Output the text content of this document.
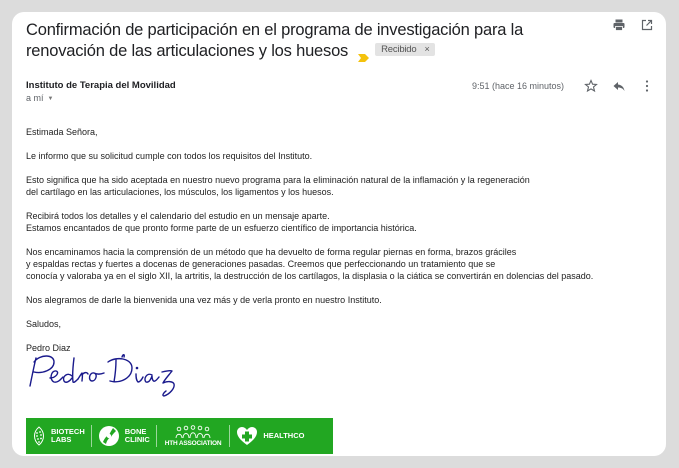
Confirmación de participación en el programa de investigación para la renovación de las articulaciones y los huesos	Recibido ×
Instituto de Terapia del Movilidad
a mí ▼
9:51 (hace 16 minutos)

Estimada Señora,

Le informo que su solicitud cumple con todos los requisitos del Instituto.

Esto significa que ha sido aceptada en nuestro nuevo programa para la eliminación natural de la inflamación y la regeneración
del cartílago en las articulaciones, los músculos, los ligamentos y los huesos.

Recibirá todos los detalles y el calendario del estudio en un mensaje aparte.
Estamos encantados de que pronto forme parte de un esfuerzo científico de importancia histórica.

Nos encaminamos hacia la comprensión de un método que ha devuelto de forma regular piernas en forma, brazos gráciles
y espaldas rectas y fuertes a docenas de generaciones pasadas. Creemos que perfeccionando un tratamiento que se
conocía y valoraba ya en el siglo XII, la artritis, la destrucción de los cartílagos, la displasia o la ciática se convertirán en dolencias del pasado.

Nos alegramos de darle la bienvenida una vez más y de verla pronto en nuestro Instituto.

Saludos,

Pedro Diaz

BIOTECH
LABS
BONE
CLINIC HTH ASSOCIATION
HEALTHCO
